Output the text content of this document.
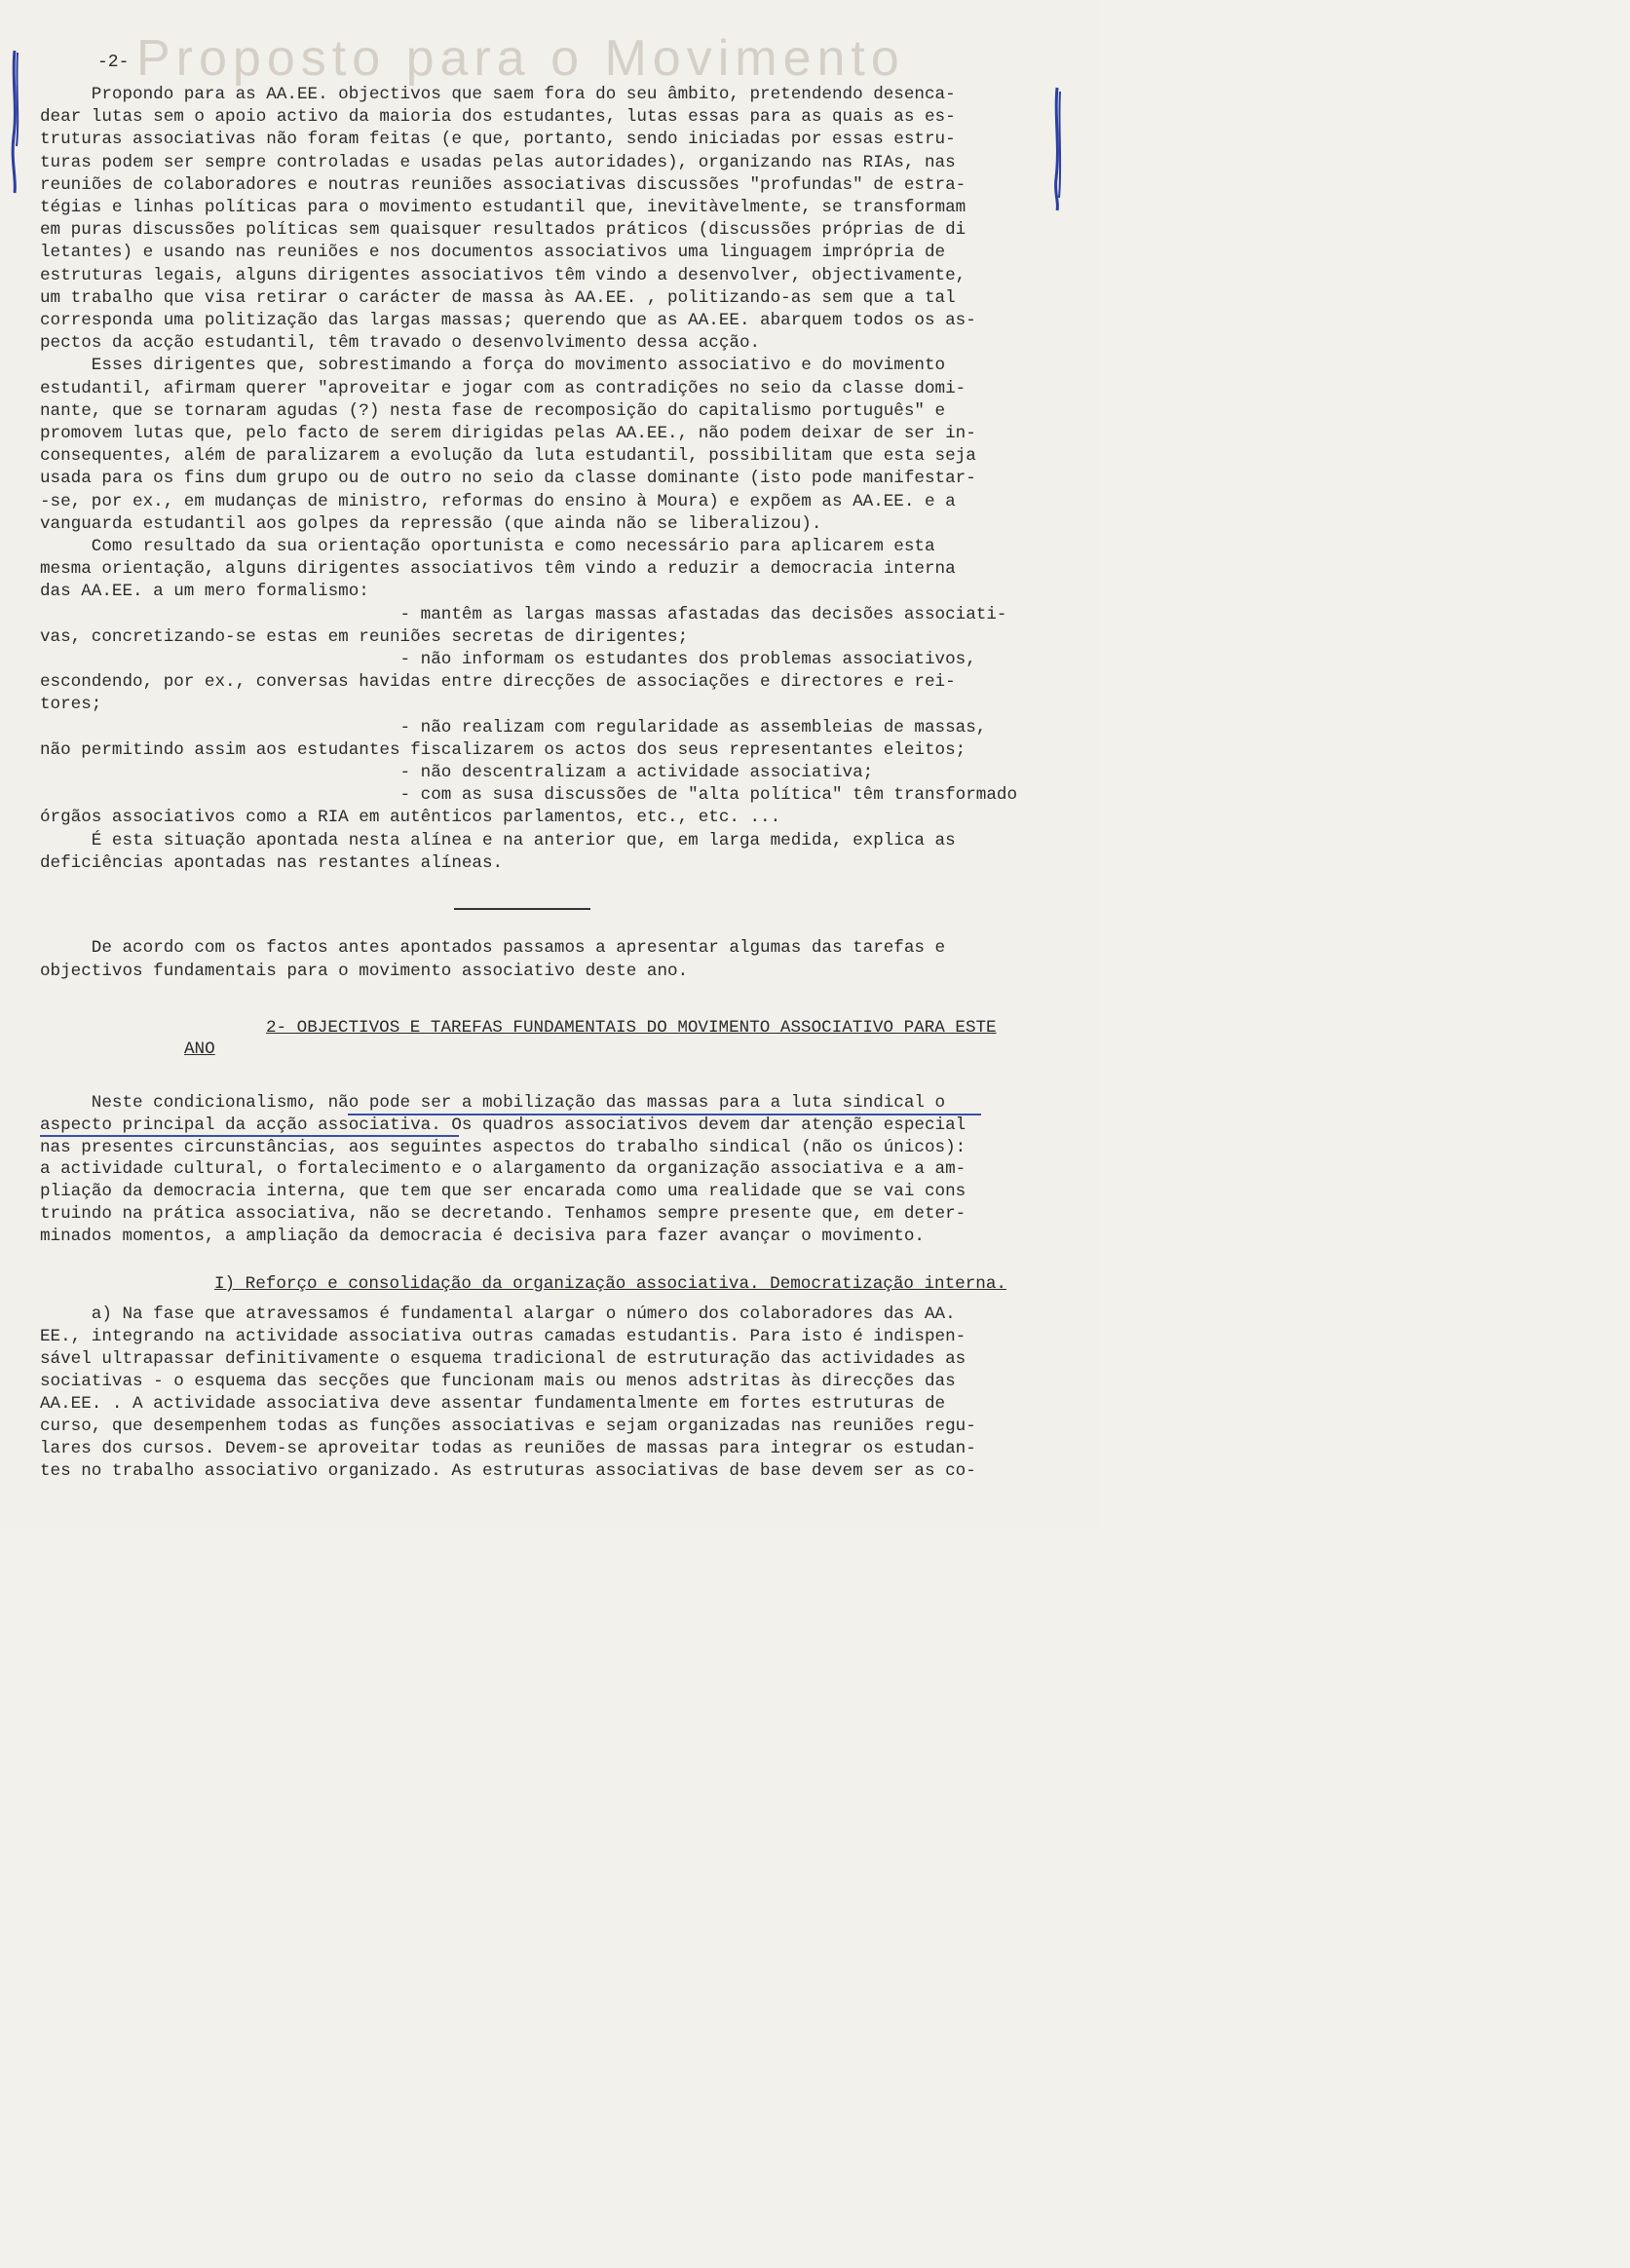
Proposto para o Movimento
-2-
Propondo para as AA.EE. objectivos que saem fora do seu âmbito, pretendendo desenca-
dear lutas sem o apoio activo da maioria dos estudantes, lutas essas para as quais as es-
truturas associativas não foram feitas (e que, portanto, sendo iniciadas por essas estru-
turas podem ser sempre controladas e usadas pelas autoridades), organizando nas RIAs, nas
reuniões de colaboradores e noutras reuniões associativas discussões "profundas" de estra-
tégias e linhas políticas para o movimento estudantil que, inevitàvelmente, se transformam
em puras discussões políticas sem quaisquer resultados práticos (discussões próprias de di
letantes) e usando nas reuniões e nos documentos associativos uma linguagem imprópria de
estruturas legais, alguns dirigentes associativos têm vindo a desenvolver, objectivamente,
um trabalho que visa retirar o carácter de massa às AA.EE. , politizando-as sem que a tal
corresponda uma politização das largas massas; querendo que as AA.EE. abarquem todos os as-
pectos da acção estudantil, têm travado o desenvolvimento dessa acção.
Esses dirigentes que, sobrestimando a força do movimento associativo e do movimento
estudantil, afirmam querer "aproveitar e jogar com as contradições no seio da classe domi-
nante, que se tornaram agudas (?) nesta fase de recomposição do capitalismo português" e
promovem lutas que, pelo facto de serem dirigidas pelas AA.EE., não podem deixar de ser in-
consequentes, além de paralizarem a evolução da luta estudantil, possibilitam que esta seja
usada para os fins dum grupo ou de outro no seio da classe dominante (isto pode manifestar-
-se, por ex., em mudanças de ministro, reformas do ensino à Moura) e expõem as AA.EE. e a
vanguarda estudantil aos golpes da repressão (que ainda não se liberalizou).
Como resultado da sua orientação oportunista e como necessário para aplicarem esta
mesma orientação, alguns dirigentes associativos têm vindo a reduzir a democracia interna
das AA.EE. a um mero formalismo:
- mantêm as largas massas afastadas das decisões associati-
vas, concretizando-se estas em reuniões secretas de dirigentes;
- não informam os estudantes dos problemas associativos,
escondendo, por ex., conversas havidas entre direcções de associações e directores e rei-
tores;
- não realizam com regularidade as assembleias de massas,
não permitindo assim aos estudantes fiscalizarem os actos dos seus representantes eleitos;
- não descentralizam a actividade associativa;
- com as susa discussões de "alta política" têm transformado
órgãos associativos como a RIA em autênticos parlamentos, etc., etc. ...
É esta situação apontada nesta alínea e na anterior que, em larga medida, explica as
deficiências apontadas nas restantes alíneas.
De acordo com os factos antes apontados passamos a apresentar algumas das tarefas e
objectivos fundamentais para o movimento associativo deste ano.
2- OBJECTIVOS E TAREFAS FUNDAMENTAIS DO MOVIMENTO ASSOCIATIVO PARA ESTE
ANO
Neste condicionalismo, não pode ser a mobilização das massas para a luta sindical o
aspecto principal da acção associativa. Os quadros associativos devem dar atenção especial
nas presentes circunstâncias, aos seguintes aspectos do trabalho sindical (não os únicos):
a actividade cultural, o fortalecimento e o alargamento da organização associativa e a am-
pliação da democracia interna, que tem que ser encarada como uma realidade que se vai cons
truindo na prática associativa, não se decretando. Tenhamos sempre presente que, em deter-
minados momentos, a ampliação da democracia é decisiva para fazer avançar o movimento.
I) Reforço e consolidação da organização associativa. Democratização interna.
a) Na fase que atravessamos é fundamental alargar o número dos colaboradores das AA.
EE., integrando na actividade associativa outras camadas estudantis. Para isto é indispen-
sável ultrapassar definitivamente o esquema tradicional de estruturação das actividades as
sociativas - o esquema das secções que funcionam mais ou menos adstritas às direcções das
AA.EE. . A actividade associativa deve assentar fundamentalmente em fortes estruturas de
curso, que desempenhem todas as funções associativas e sejam organizadas nas reuniões regu-
lares dos cursos. Devem-se aproveitar todas as reuniões de massas para integrar os estudan-
tes no trabalho associativo organizado. As estruturas associativas de base devem ser as co-
